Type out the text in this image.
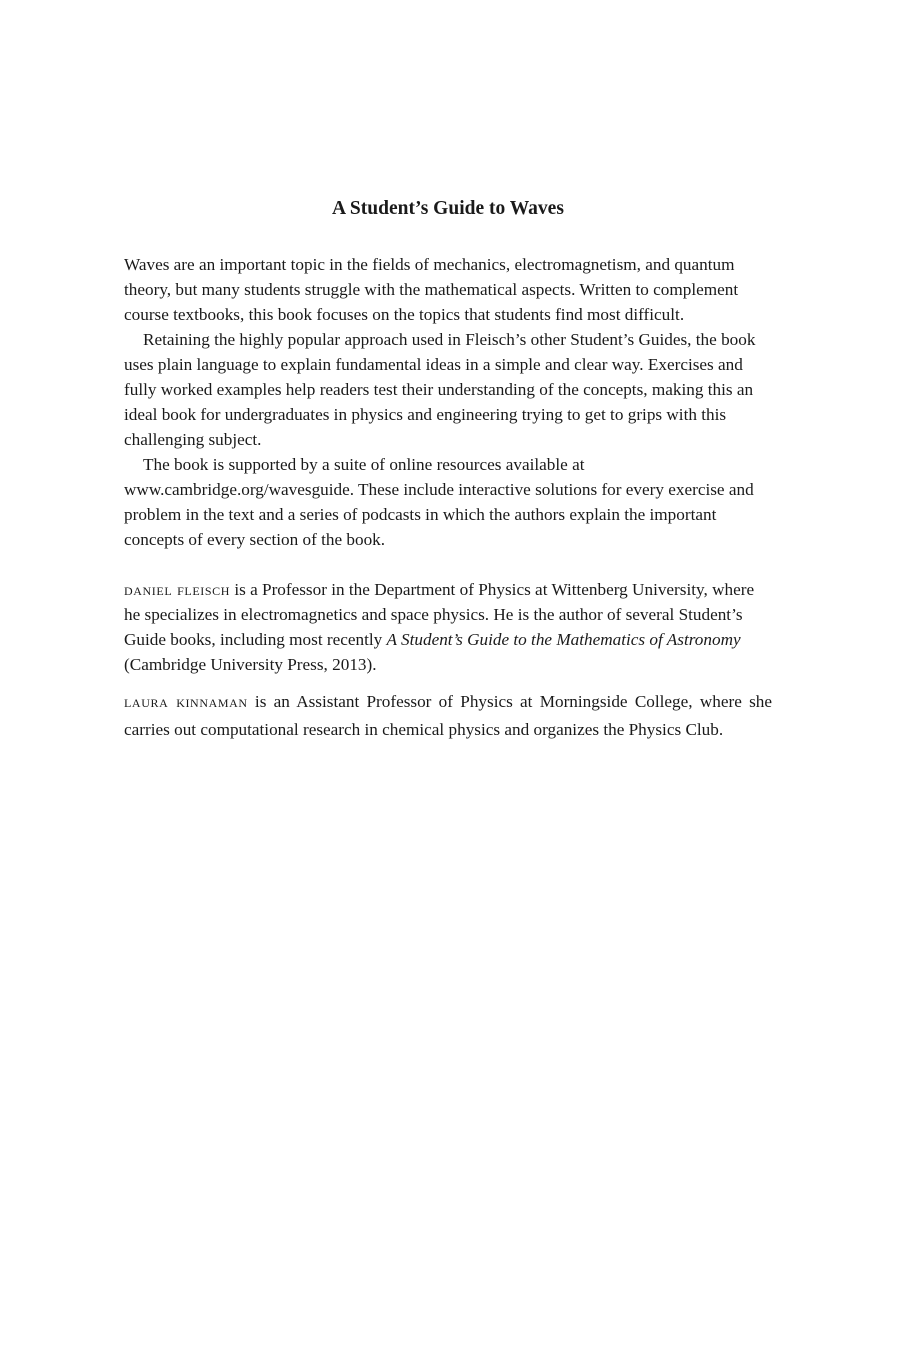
A Student’s Guide to Waves

Waves are an important topic in the fields of mechanics, electromagnetism, and quantum theory, but many students struggle with the mathematical aspects. Written to complement course textbooks, this book focuses on the topics that students find most difficult.

Retaining the highly popular approach used in Fleisch’s other Student’s Guides, the book uses plain language to explain fundamental ideas in a simple and clear way. Exercises and fully worked examples help readers test their understanding of the concepts, making this an ideal book for undergraduates in physics and engineering trying to get to grips with this challenging subject.

The book is supported by a suite of online resources available at www.cambridge.org/wavesguide. These include interactive solutions for every exercise and problem in the text and a series of podcasts in which the authors explain the important concepts of every section of the book.

daniel fleisch is a Professor in the Department of Physics at Wittenberg University, where he specializes in electromagnetics and space physics. He is the author of several Student’s Guide books, including most recently A Student’s Guide to the Mathematics of Astronomy (Cambridge University Press, 2013).

laura kinnaman is an Assistant Professor of Physics at Morningside College, where she carries out computational research in chemical physics and organizes the Physics Club.
